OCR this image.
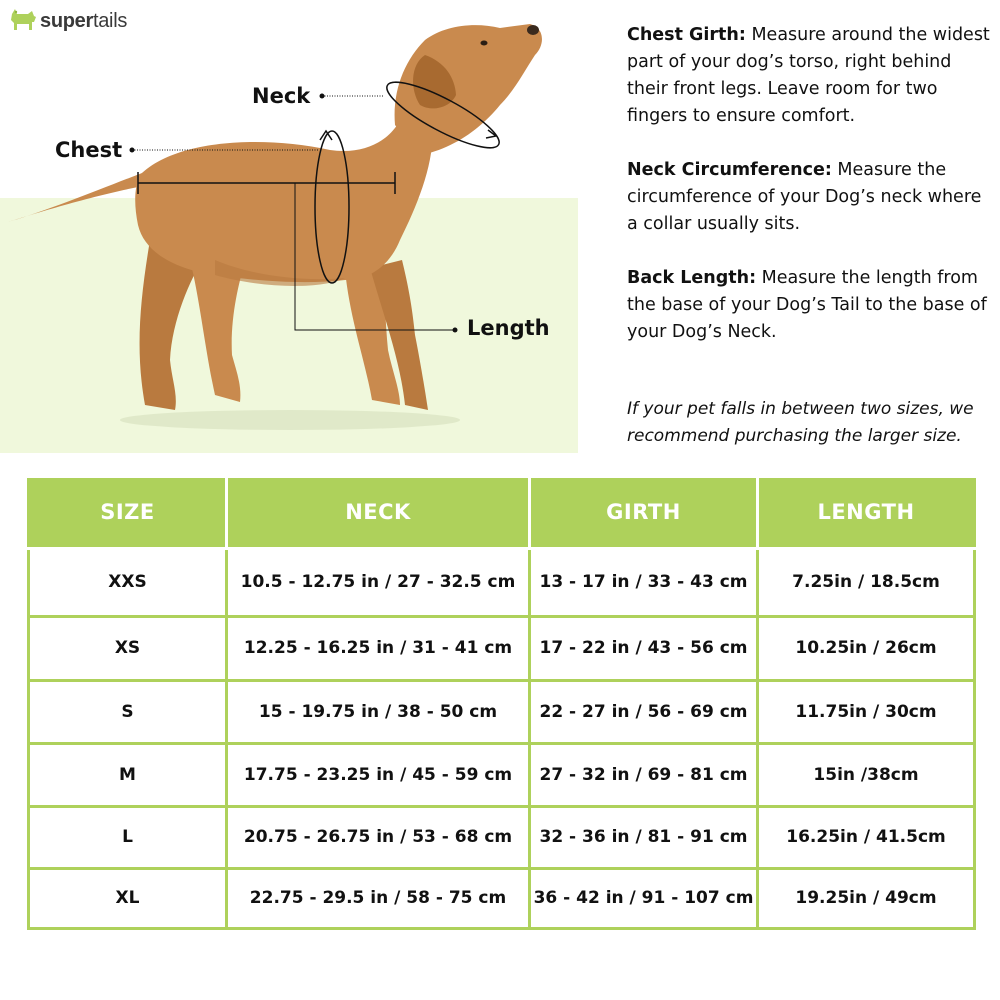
supertails
Neck
Chest
Length

Chest Girth: Measure around the widest part of your dog’s torso, right behind their front legs. Leave room for two fingers to ensure comfort.

Neck Circumference: Measure the circumference of your Dog’s neck where a collar usually sits.

Back Length: Measure the length from the base of your Dog’s Tail to the base of your Dog’s Neck.

If your pet falls in between two sizes, we recommend purchasing the larger size.

SIZE	NECK	GIRTH	LENGTH
XXS	10.5 - 12.75 in / 27 - 32.5 cm	13 - 17 in / 33 - 43 cm	7.25in / 18.5cm
XS	12.25 - 16.25 in / 31 - 41 cm	17 - 22 in / 43 - 56 cm	10.25in / 26cm
S	15 - 19.75 in / 38 - 50 cm	22 - 27 in / 56 - 69 cm	11.75in / 30cm
M	17.75 - 23.25 in / 45 - 59 cm	27 - 32 in / 69 - 81 cm	15in /38cm
L	20.75 - 26.75 in / 53 - 68 cm	32 - 36 in / 81 - 91 cm	16.25in / 41.5cm
XL	22.75 - 29.5 in / 58 - 75 cm	36 - 42 in / 91 - 107 cm	19.25in / 49cm
